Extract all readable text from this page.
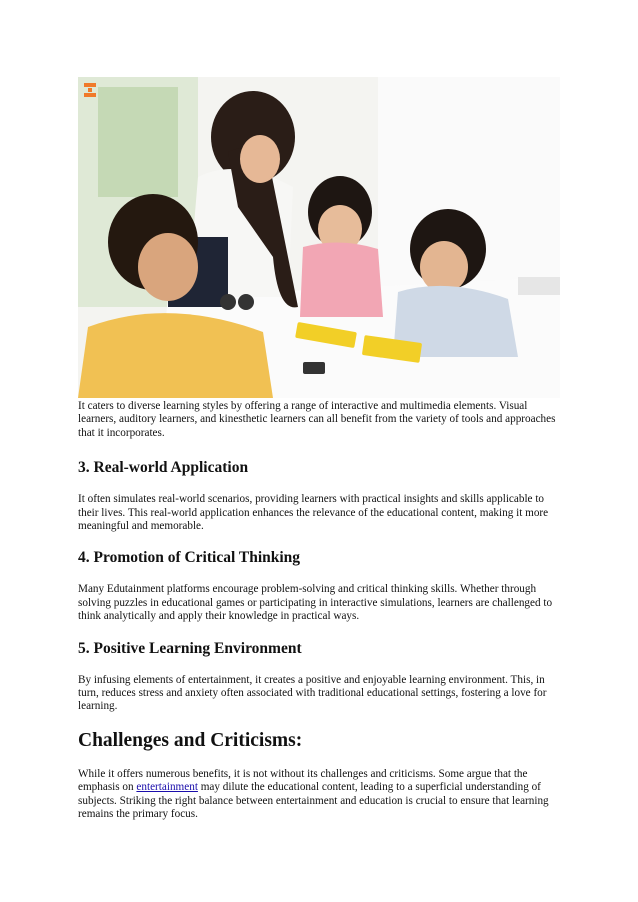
It caters to diverse learning styles by offering a range of interactive and multimedia elements. Visual learners, auditory learners, and kinesthetic learners can all benefit from the variety of tools and approaches that it incorporates.

3. Real-world Application

It often simulates real-world scenarios, providing learners with practical insights and skills applicable to their lives. This real-world application enhances the relevance of the educational content, making it more meaningful and memorable.

4. Promotion of Critical Thinking

Many Edutainment platforms encourage problem-solving and critical thinking skills. Whether through solving puzzles in educational games or participating in interactive simulations, learners are challenged to think analytically and apply their knowledge in practical ways.

5. Positive Learning Environment

By infusing elements of entertainment, it creates a positive and enjoyable learning environment. This, in turn, reduces stress and anxiety often associated with traditional educational settings, fostering a love for learning.

Challenges and Criticisms:

While it offers numerous benefits, it is not without its challenges and criticisms. Some argue that the emphasis on entertainment may dilute the educational content, leading to a superficial understanding of subjects. Striking the right balance between entertainment and education is crucial to ensure that learning remains the primary focus.
